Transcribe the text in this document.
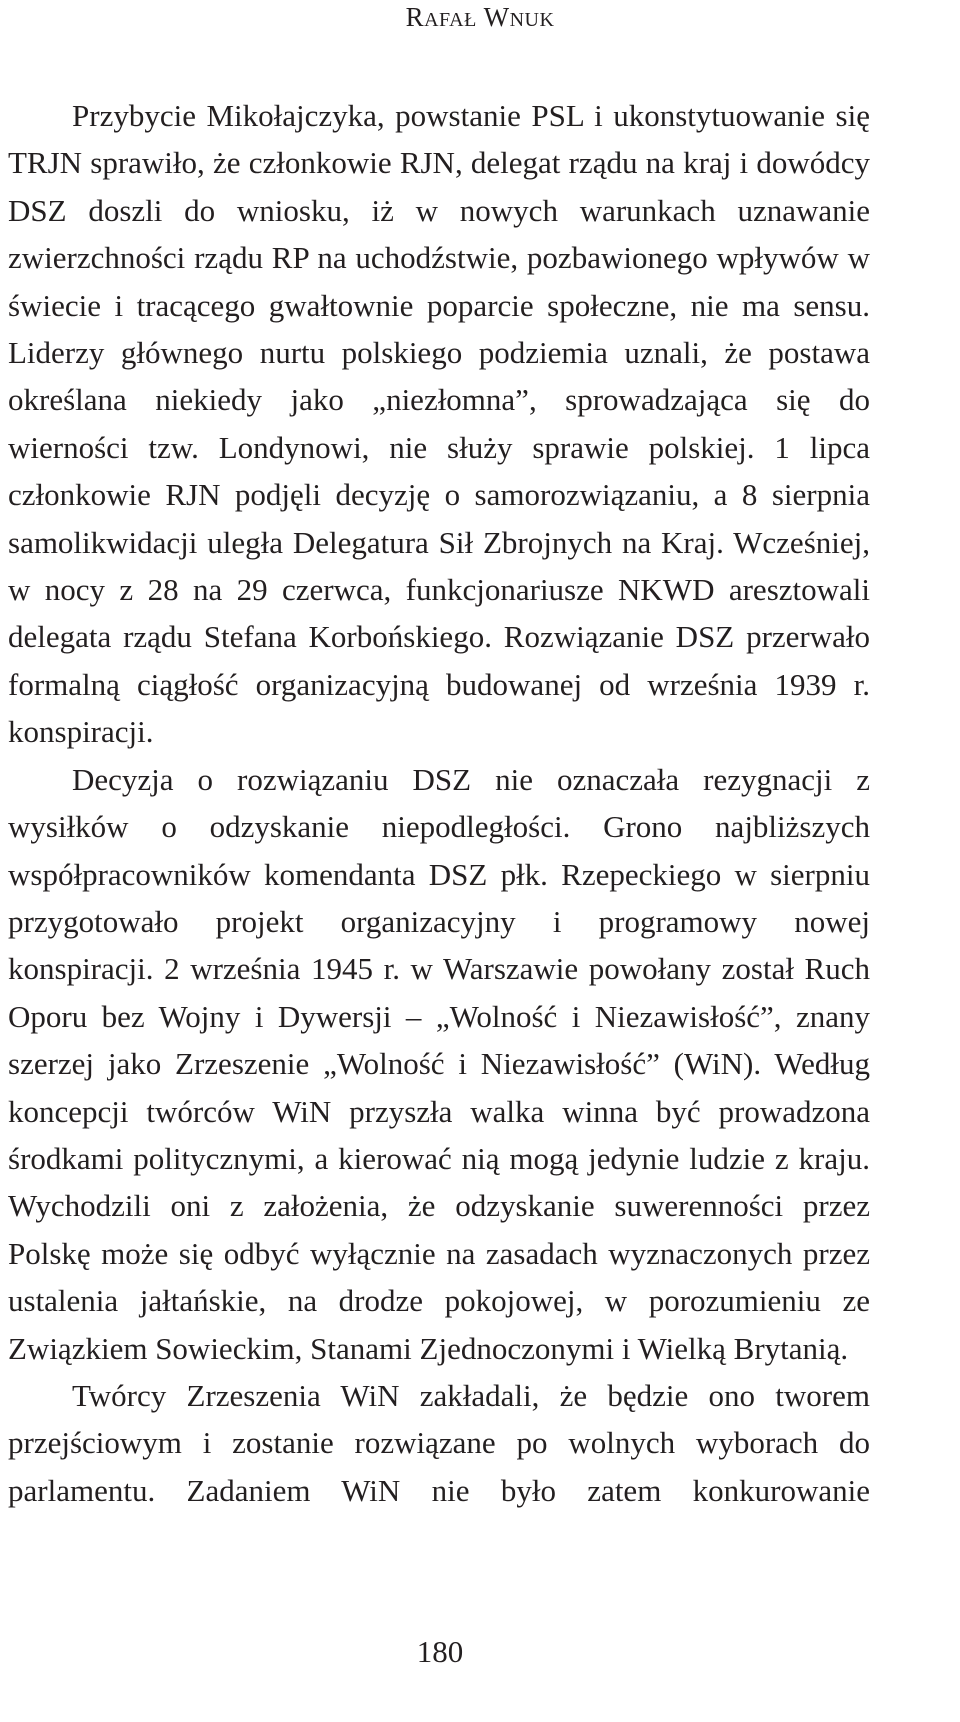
RAFAŁ WNUK

Przybycie Mikołajczyka, powstanie PSL i ukonstytuowanie się TRJN sprawiło, że członkowie RJN, delegat rządu na kraj i dowódcy DSZ doszli do wniosku, iż w nowych warunkach uznawanie zwierzchności rządu RP na uchodźstwie, pozbawionego wpływów w świecie i tracącego gwałtownie poparcie społeczne, nie ma sensu. Liderzy głównego nurtu polskiego podziemia uznali, że postawa określana niekiedy jako „niezłomna”, sprowadzająca się do wierności tzw. Londynowi, nie służy sprawie polskiej. 1 lipca członkowie RJN podjęli decyzję o samorozwiązaniu, a 8 sierpnia samolikwidacji uległa Delegatura Sił Zbrojnych na Kraj. Wcześniej, w nocy z 28 na 29 czerwca, funkcjonariusze NKWD aresztowali delegata rządu Stefana Korbońskiego. Rozwiązanie DSZ przerwało formalną ciągłość organizacyjną budowanej od września 1939 r. konspiracji.

Decyzja o rozwiązaniu DSZ nie oznaczała rezygnacji z wysiłków o odzyskanie niepodległości. Grono najbliższych współpracowników komendanta DSZ płk. Rzepeckiego w sierpniu przygotowało projekt organizacyjny i programowy nowej konspiracji. 2 września 1945 r. w Warszawie powołany został Ruch Oporu bez Wojny i Dywersji – „Wolność i Niezawisłość”, znany szerzej jako Zrzeszenie „Wolność i Niezawisłość” (WiN). Według koncepcji twórców WiN przyszła walka winna być prowadzona środkami politycznymi, a kierować nią mogą jedynie ludzie z kraju. Wychodzili oni z założenia, że odzyskanie suwerenności przez Polskę może się odbyć wyłącznie na zasadach wyznaczonych przez ustalenia jałtańskie, na drodze pokojowej, w porozumieniu ze Związkiem Sowieckim, Stanami Zjednoczonymi i Wielką Brytanią.

Twórcy Zrzeszenia WiN zakładali, że będzie ono tworem przejściowym i zostanie rozwiązane po wolnych wyborach do parlamentu. Zadaniem WiN nie było zatem konkurowanie

180
